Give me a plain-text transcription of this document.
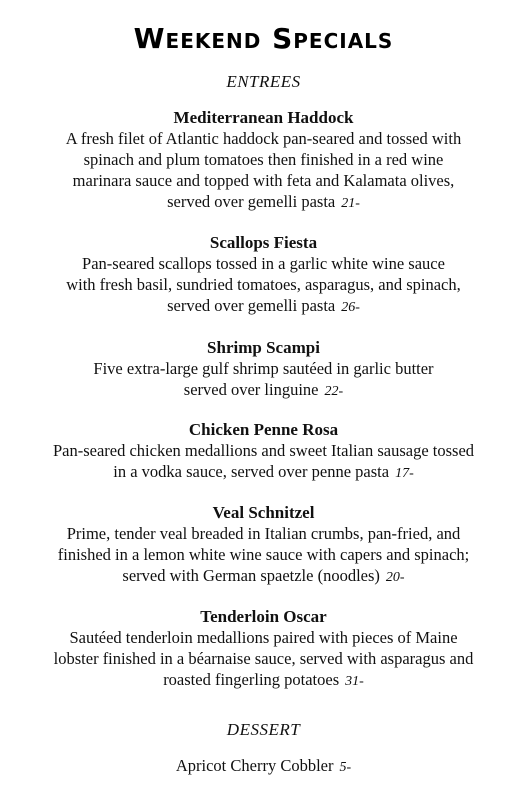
Weekend Specials
ENTREES
Mediterranean Haddock
A fresh filet of Atlantic haddock pan-seared and tossed with
spinach and plum tomatoes then finished in a red wine
marinara sauce and topped with feta and Kalamata olives,
served over gemelli pasta 21-
Scallops Fiesta
Pan-seared scallops tossed in a garlic white wine sauce
with fresh basil, sundried tomatoes, asparagus, and spinach,
served over gemelli pasta 26-
Shrimp Scampi
Five extra-large gulf shrimp sautéed in garlic butter
served over linguine 22-
Chicken Penne Rosa
Pan-seared chicken medallions and sweet Italian sausage tossed
in a vodka sauce, served over penne pasta 17-
Veal Schnitzel
Prime, tender veal breaded in Italian crumbs, pan-fried, and
finished in a lemon white wine sauce with capers and spinach;
served with German spaetzle (noodles) 20-
Tenderloin Oscar
Sautéed tenderloin medallions paired with pieces of Maine
lobster finished in a béarnaise sauce, served with asparagus and
roasted fingerling potatoes 31-
DESSERT
Apricot Cherry Cobbler 5-
